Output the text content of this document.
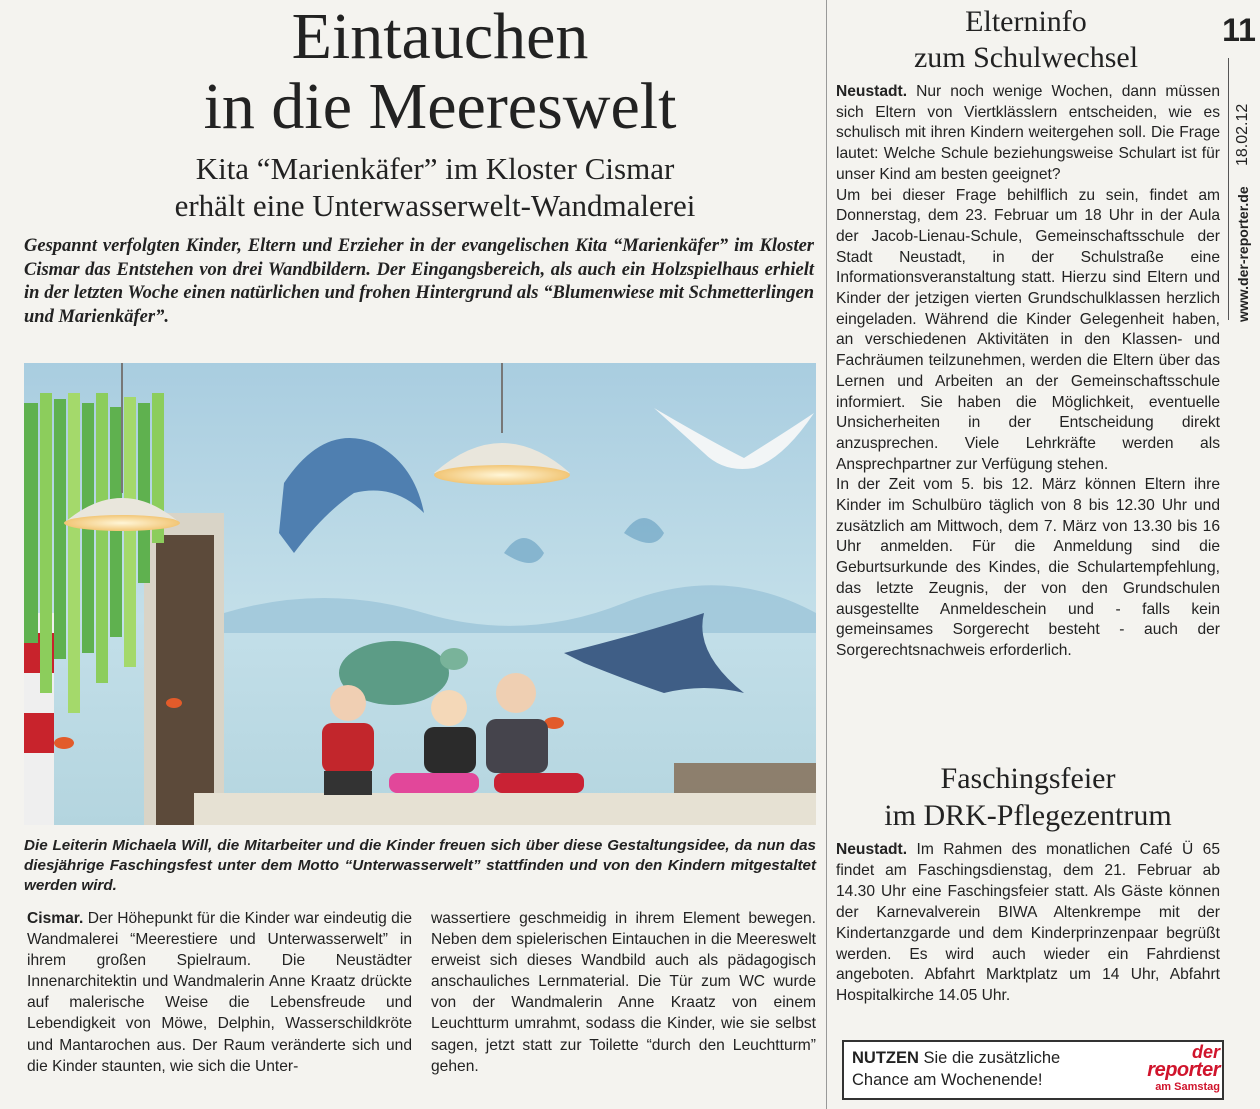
Eintauchen
in die Meereswelt
Kita “Marienkäfer” im Kloster Cismar
erhält eine Unterwasserwelt-Wandmalerei

Gespannt verfolgten Kinder, Eltern und Erzieher in der evangelischen Kita “Marienkäfer” im Kloster Cismar das Entstehen von drei Wandbildern. Der Eingangsbereich, als auch ein Holzspielhaus erhielt in der letzten Woche einen natürlichen und frohen Hintergrund als “Blumenwiese mit Schmetterlingen und Marienkäfer”.

Die Leiterin Michaela Will, die Mitarbeiter und die Kinder freuen sich über diese Gestaltungsidee, da nun das diesjährige Faschingsfest unter dem Motto “Unterwasserwelt” stattfinden und von den Kindern mitgestaltet werden wird.

Cismar. Der Höhepunkt für die Kinder war eindeutig die Wandmalerei “Meerestiere und Unterwasserwelt” in ihrem großen Spielraum. Die Neustädter Innenarchitektin und Wandmalerin Anne Kraatz drückte auf malerische Weise die Lebensfreude und Lebendigkeit von Möwe, Delphin, Wasserschildkröte und Mantarochen aus. Der Raum veränderte sich und die Kinder staunten, wie sich die Unter-
wassertiere geschmeidig in ihrem Element bewegen. Neben dem spielerischen Eintauchen in die Meereswelt erweist sich dieses Wandbild auch als pädagogisch anschauliches Lernmaterial. Die Tür zum WC wurde von der Wandmalerin Anne Kraatz von einem Leuchtturm umrahmt, sodass die Kinder, wie sie selbst sagen, jetzt statt zur Toilette “durch den Leuchtturm” gehen.
Elterninfo
zum Schulwechsel

Neustadt. Nur noch wenige Wochen, dann müssen sich Eltern von Viertklässlern entscheiden, wie es schulisch mit ihren Kindern weitergehen soll. Die Frage lautet: Welche Schule beziehungsweise Schulart ist für unser Kind am besten geeignet?

Um bei dieser Frage behilflich zu sein, findet am Donnerstag, dem 23. Februar um 18 Uhr in der Aula der Jacob-Lienau-Schule, Gemeinschaftsschule der Stadt Neustadt, in der Schulstraße eine Informationsveranstaltung statt. Hierzu sind Eltern und Kinder der jetzigen vierten Grundschulklassen herzlich eingeladen. Während die Kinder Gelegenheit haben, an verschiedenen Aktivitäten in den Klassen- und Fachräumen teilzunehmen, werden die Eltern über das Lernen und Arbeiten an der Gemeinschaftsschule informiert. Sie haben die Möglichkeit, eventuelle Unsicherheiten in der Entscheidung direkt anzusprechen. Viele Lehrkräfte werden als Ansprechpartner zur Verfügung stehen.

In der Zeit vom 5. bis 12. März können Eltern ihre Kinder im Schulbüro täglich von 8 bis 12.30 Uhr und zusätzlich am Mittwoch, dem 7. März von 13.30 bis 16 Uhr anmelden. Für die Anmeldung sind die Geburtsurkunde des Kindes, die Schulartempfehlung, das letzte Zeugnis, der von den Grundschulen ausgestellte Anmeldeschein und - falls kein gemeinsames Sorgerecht besteht - auch der Sorgerechtsnachweis erforderlich.

Faschingsfeier
im DRK-Pflegezentrum
Neustadt. Im Rahmen des monatlichen Café Ü 65 findet am Faschingsdienstag, dem 21. Februar ab 14.30 Uhr eine Faschingsfeier statt. Als Gäste können der Karnevalverein BIWA Altenkrempe mit der Kindertanzgarde und dem Kinderprinzenpaar begrüßt werden. Es wird auch wieder ein Fahrdienst angeboten. Abfahrt Marktplatz um 14 Uhr, Abfahrt Hospitalkirche 14.05 Uhr.
11
18.02.12
www.der-reporter.de
NUTZEN Sie die zusätzliche
Chance am Wochenende!
der
reporter
am Samstag
